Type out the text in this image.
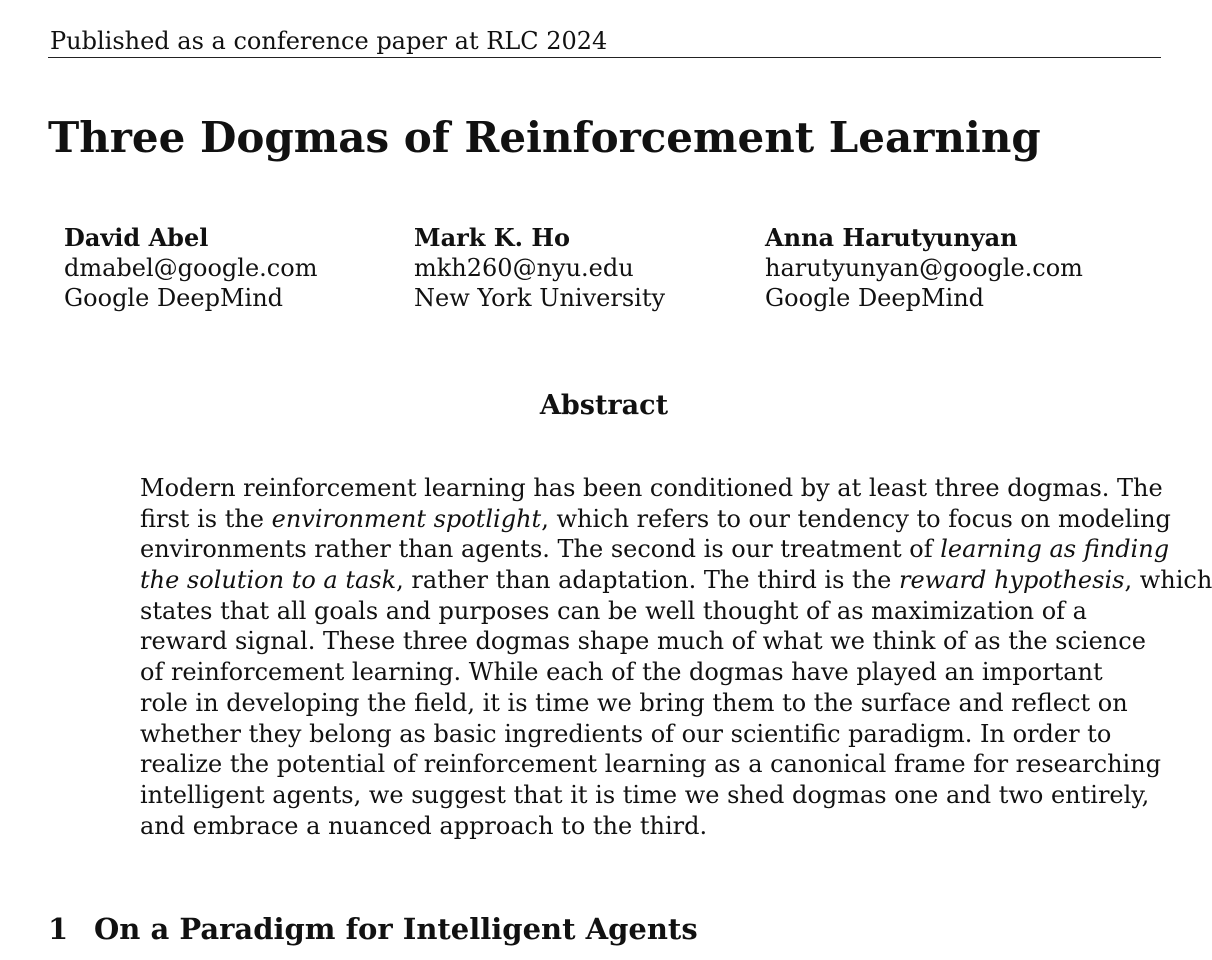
Published as a conference paper at RLC 2024
Three Dogmas of Reinforcement Learning
David Abel
dmabel@google.com
Google DeepMind
Mark K. Ho
mkh260@nyu.edu
New York University
Anna Harutyunyan
harutyunyan@google.com
Google DeepMind
Abstract
Modern reinforcement learning has been conditioned by at least three dogmas. The
first is the environment spotlight, which refers to our tendency to focus on modeling
environments rather than agents. The second is our treatment of learning as finding
the solution to a task, rather than adaptation. The third is the reward hypothesis, which
states that all goals and purposes can be well thought of as maximization of a
reward signal. These three dogmas shape much of what we think of as the science
of reinforcement learning. While each of the dogmas have played an important
role in developing the field, it is time we bring them to the surface and reflect on
whether they belong as basic ingredients of our scientific paradigm. In order to
realize the potential of reinforcement learning as a canonical frame for researching
intelligent agents, we suggest that it is time we shed dogmas one and two entirely,
and embrace a nuanced approach to the third.
1 On a Paradigm for Intelligent Agents
